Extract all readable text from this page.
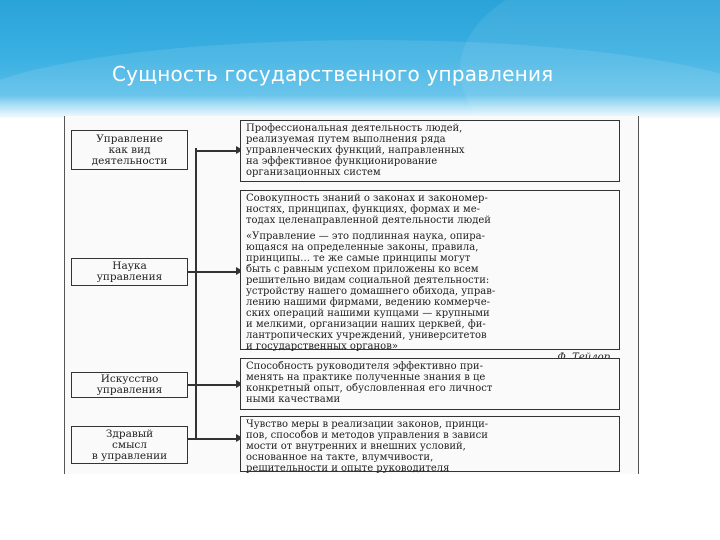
Сущность государственного управления
Управление
как вид
деятельности
Профессиональная деятельность людей,
реализуемая путем выполнения ряда
управленческих функций, направленных
на эффективное функционирование
организационных систем
Наука
управления
Совокупность знаний о законах и закономер-
ностях, принципах, функциях, формах и ме-
тодах целенаправленной деятельности людей
«Управление — это подлинная наука, опира-
ющаяся на определенные законы, правила,
принципы… те же самые принципы могут
быть с равным успехом приложены ко всем
решительно видам социальной деятельности:
устройству нашего домашнего обихода, управ-
лению нашими фирмами, ведению коммерче-
ских операций нашими купцами — крупными
и мелкими, организации наших церквей, фи-
лантропических учреждений, университетов
и государственных органов»
Искусство
управления
Способность руководителя эффективно при-
менять на практике полученные знания в це
конкретный опыт, обусловленная его личност
ными качествами
Здравый
смысл
в управлении
Чувство меры в реализации законов, принци-
пов, способов и методов управления в зависи
мости от внутренних и внешних условий,
основанное на такте, влумчивости,
решительности и опыте руководителя
